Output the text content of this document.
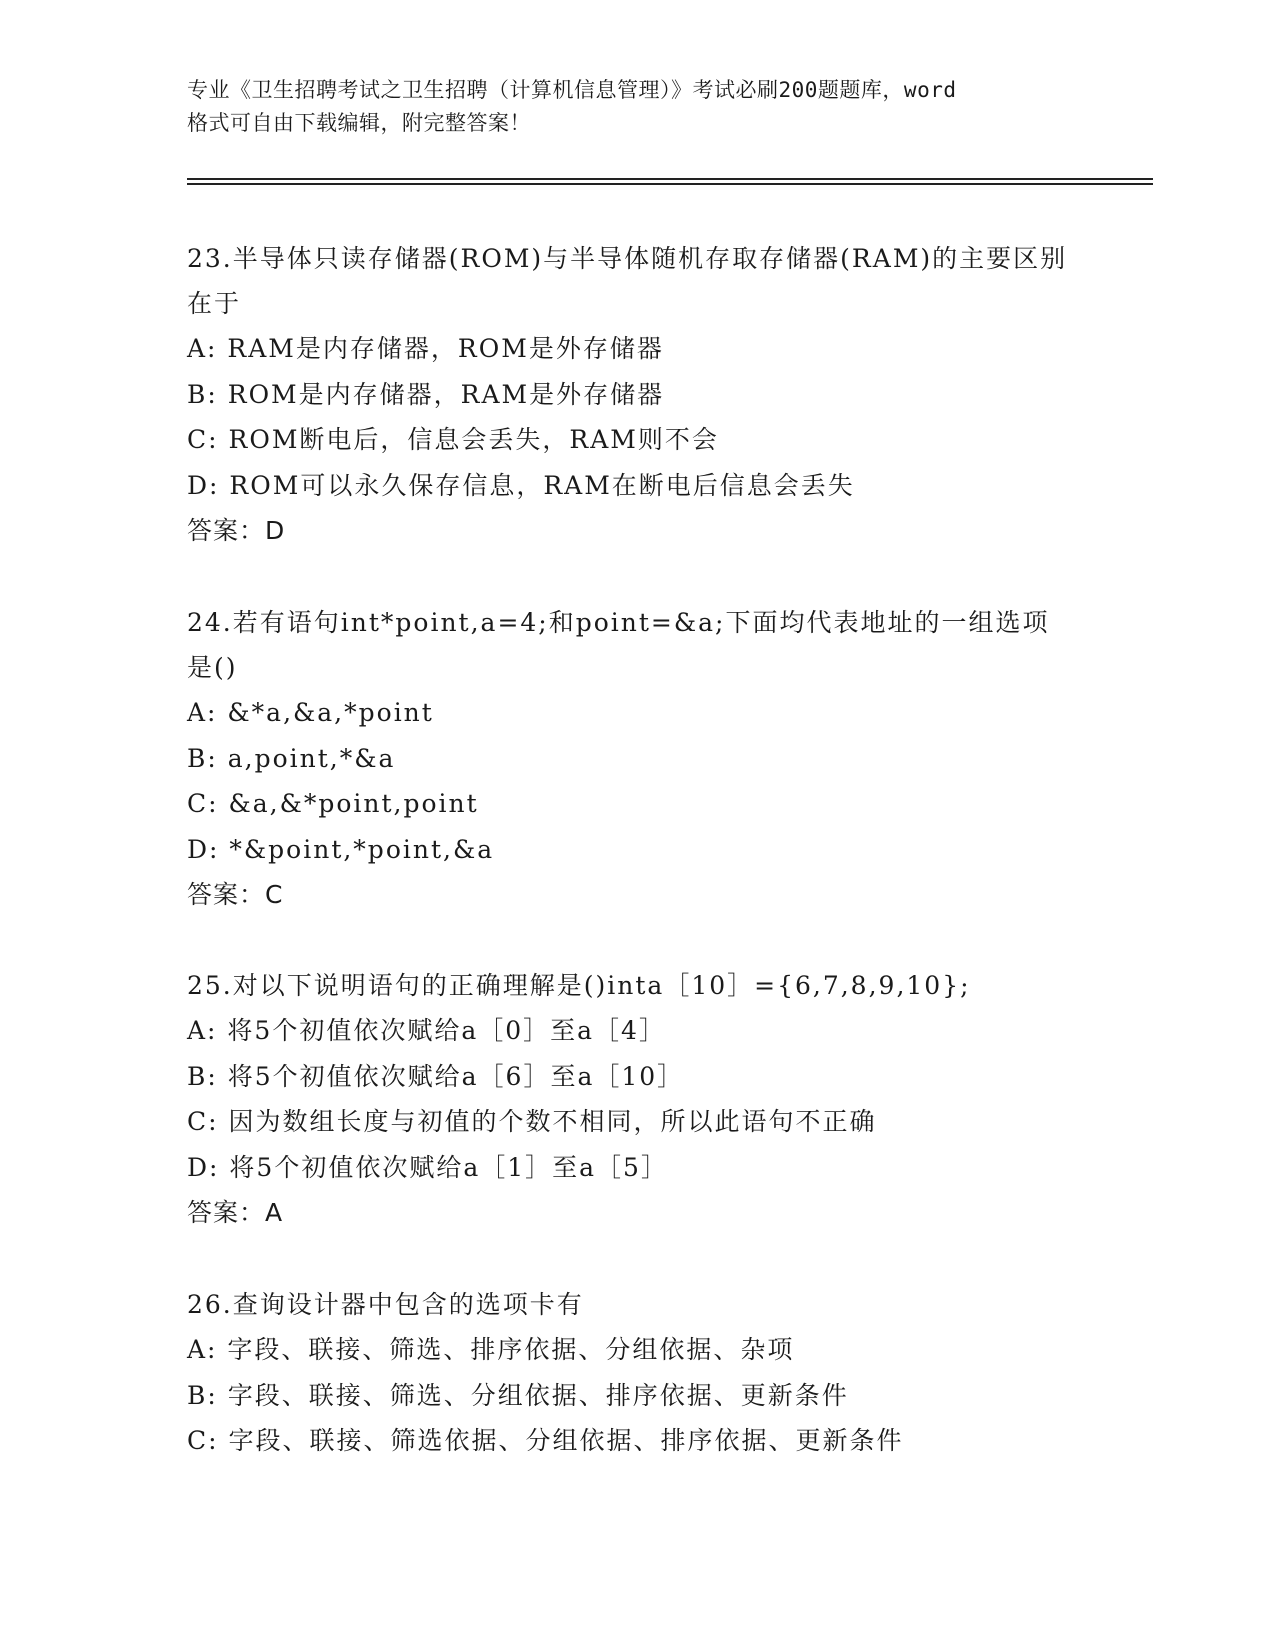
专业《卫生招聘考试之卫生招聘（计算机信息管理）》考试必刷200题题库，word
格式可自由下载编辑，附完整答案！
23.半导体只读存储器(ROM)与半导体随机存取存储器(RAM)的主要区别
在于
A: RAM是内存储器，ROM是外存储器
B: ROM是内存储器，RAM是外存储器
C: ROM断电后，信息会丢失，RAM则不会
D: ROM可以永久保存信息，RAM在断电后信息会丢失
答案：D
24.若有语句int*point,a=4;和point=&a;下面均代表地址的一组选项
是()
A: &*a,&a,*point
B: a,point,*&a
C: &a,&*point,point
D: *&point,*point,&a
答案：C
25.对以下说明语句的正确理解是()inta［10］={6,7,8,9,10};
A: 将5个初值依次赋给a［0］至a［4］
B: 将5个初值依次赋给a［6］至a［10］
C: 因为数组长度与初值的个数不相同，所以此语句不正确
D: 将5个初值依次赋给a［1］至a［5］
答案：A
26.查询设计器中包含的选项卡有
A: 字段、联接、筛选、排序依据、分组依据、杂项
B: 字段、联接、筛选、分组依据、排序依据、更新条件
C: 字段、联接、筛选依据、分组依据、排序依据、更新条件
